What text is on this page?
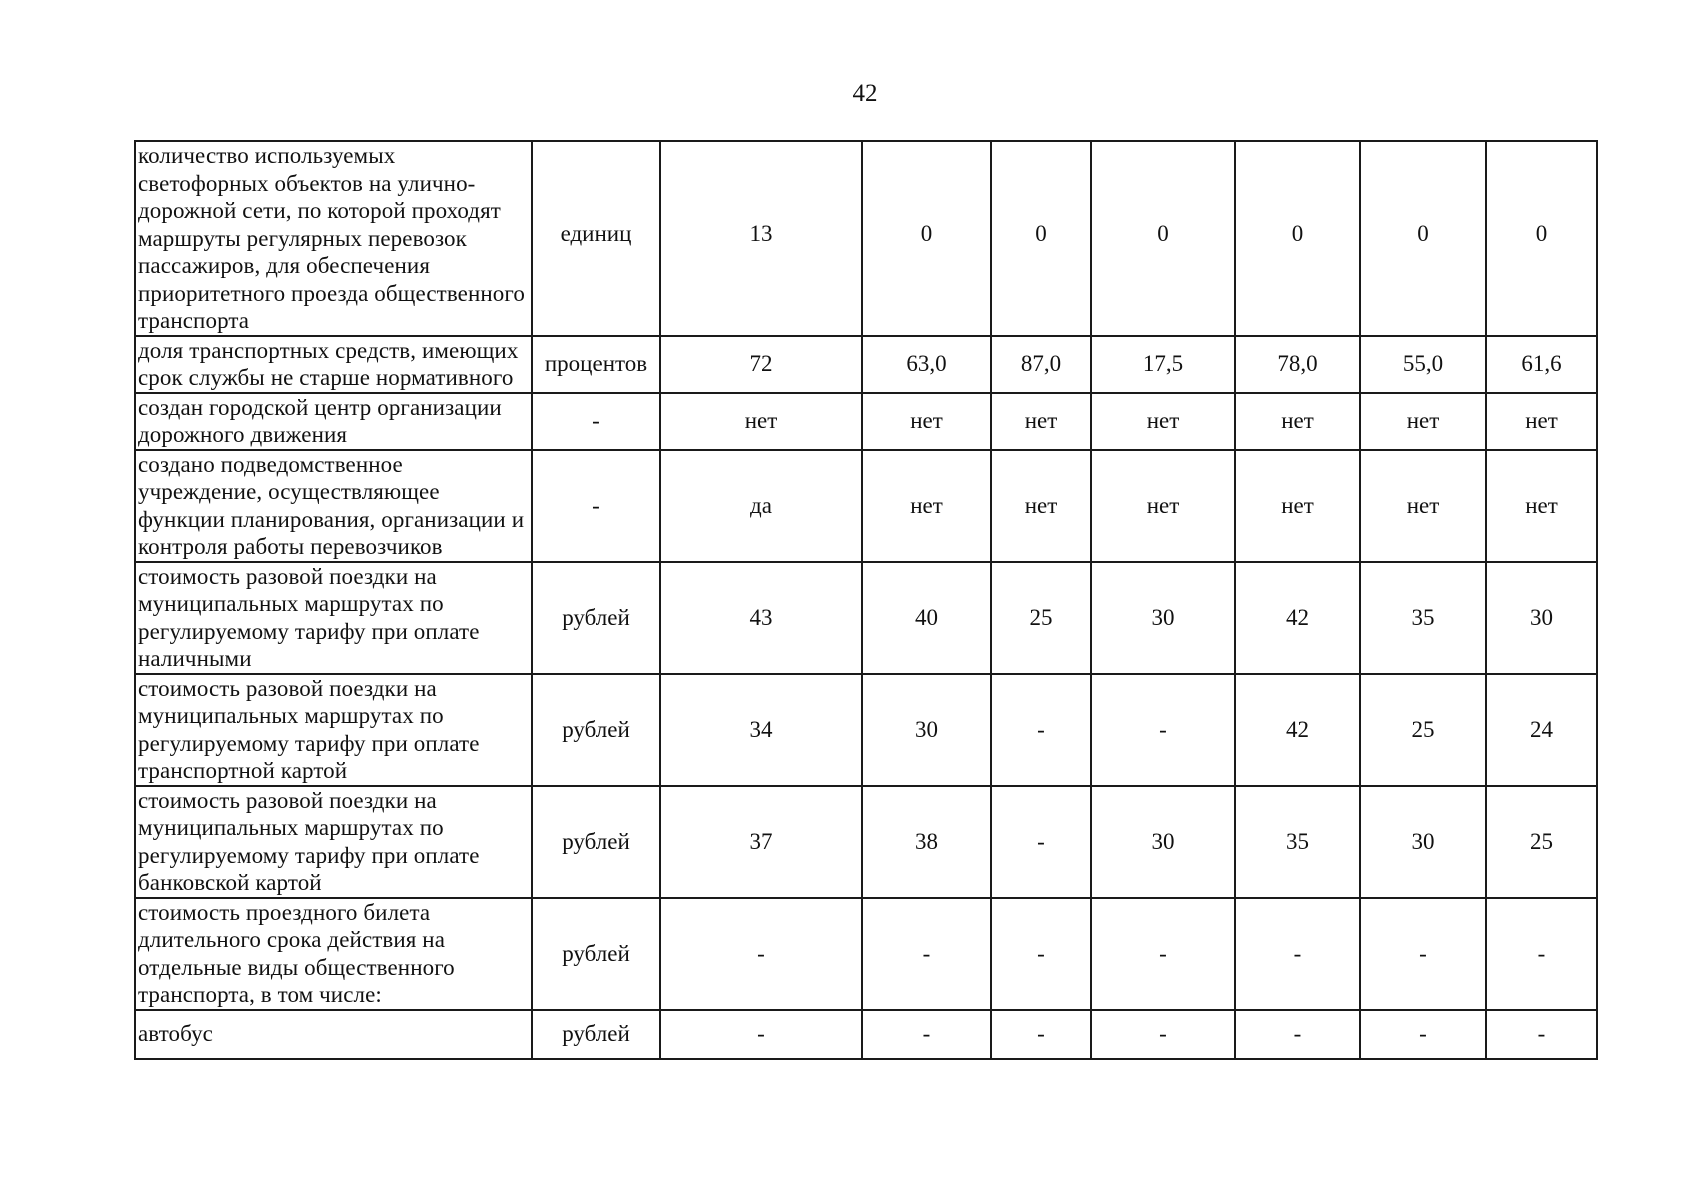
42
количество используемых светофорных объектов на улично-дорожной сети, по которой проходят маршруты регулярных перевозок пассажиров, для обеспечения приоритетного проезда общественного транспорта	единиц	13	0	0	0	0	0	0
доля транспортных средств, имеющих срок службы не старше нормативного	процентов	72	63,0	87,0	17,5	78,0	55,0	61,6
создан городской центр организации дорожного движения	-	нет	нет	нет	нет	нет	нет	нет
создано подведомственное учреждение, осуществляющее функции планирования, организации и контроля работы перевозчиков	-	да	нет	нет	нет	нет	нет	нет
стоимость разовой поездки на муниципальных маршрутах по регулируемому тарифу при оплате наличными	рублей	43	40	25	30	42	35	30
стоимость разовой поездки на муниципальных маршрутах по регулируемому тарифу при оплате транспортной картой	рублей	34	30	-	-	42	25	24
стоимость разовой поездки на муниципальных маршрутах по регулируемому тарифу при оплате банковской картой	рублей	37	38	-	30	35	30	25
стоимость проездного билета длительного срока действия на отдельные виды общественного транспорта, в том числе:	рублей	-	-	-	-	-	-	-
автобус	рублей	-	-	-	-	-	-	-
